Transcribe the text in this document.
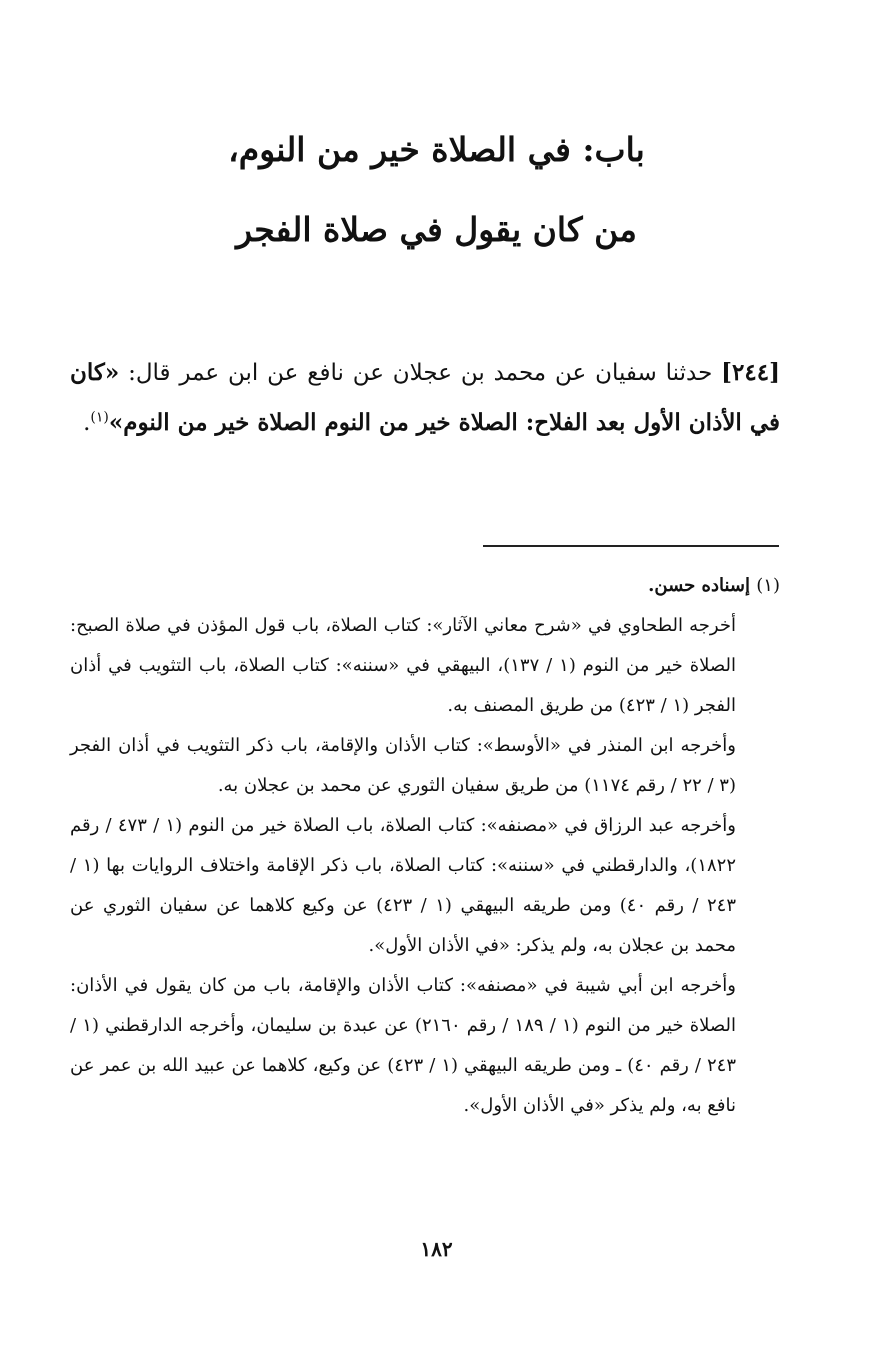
باب: في الصلاة خير من النوم،
من كان يقول في صلاة الفجر
[٢٤٤] حدثنا سفيان عن محمد بن عجلان عن نافع عن ابن عمر قال: «كان في الأذان الأول بعد الفلاح: الصلاة خير من النوم الصلاة خير من النوم»$^{(١)}$.

(١) إسناده حسن.

أخرجه الطحاوي في «شرح معاني الآثار»: كتاب الصلاة، باب قول المؤذن في صلاة الصبح: الصلاة خير من النوم (١ / ١٣٧)، البيهقي في «سننه»: كتاب الصلاة، باب التثويب في أذان الفجر (١ / ٤٢٣) من طريق المصنف به.

وأخرجه ابن المنذر في «الأوسط»: كتاب الأذان والإقامة، باب ذكر التثويب في أذان الفجر (٣ / ٢٢ / رقم ١١٧٤) من طريق سفيان الثوري عن محمد بن عجلان به.

وأخرجه عبد الرزاق في «مصنفه»: كتاب الصلاة، باب الصلاة خير من النوم (١ / ٤٧٣ / رقم ١٨٢٢)، والدارقطني في «سننه»: كتاب الصلاة، باب ذكر الإقامة واختلاف الروايات بها (١ / ٢٤٣ / رقم ٤٠) ومن طريقه البيهقي (١ / ٤٢٣) عن وكيع كلاهما عن سفيان الثوري عن محمد بن عجلان به، ولم يذكر: «في الأذان الأول».

وأخرجه ابن أبي شيبة في «مصنفه»: كتاب الأذان والإقامة، باب من كان يقول في الأذان: الصلاة خير من النوم (١ / ١٨٩ / رقم ٢١٦٠) عن عبدة بن سليمان، وأخرجه الدارقطني (١ / ٢٤٣ / رقم ٤٠) ـ ومن طريقه البيهقي (١ / ٤٢٣) عن وكيع، كلاهما عن عبيد الله بن عمر عن نافع به، ولم يذكر «في الأذان الأول».

١٨٢
